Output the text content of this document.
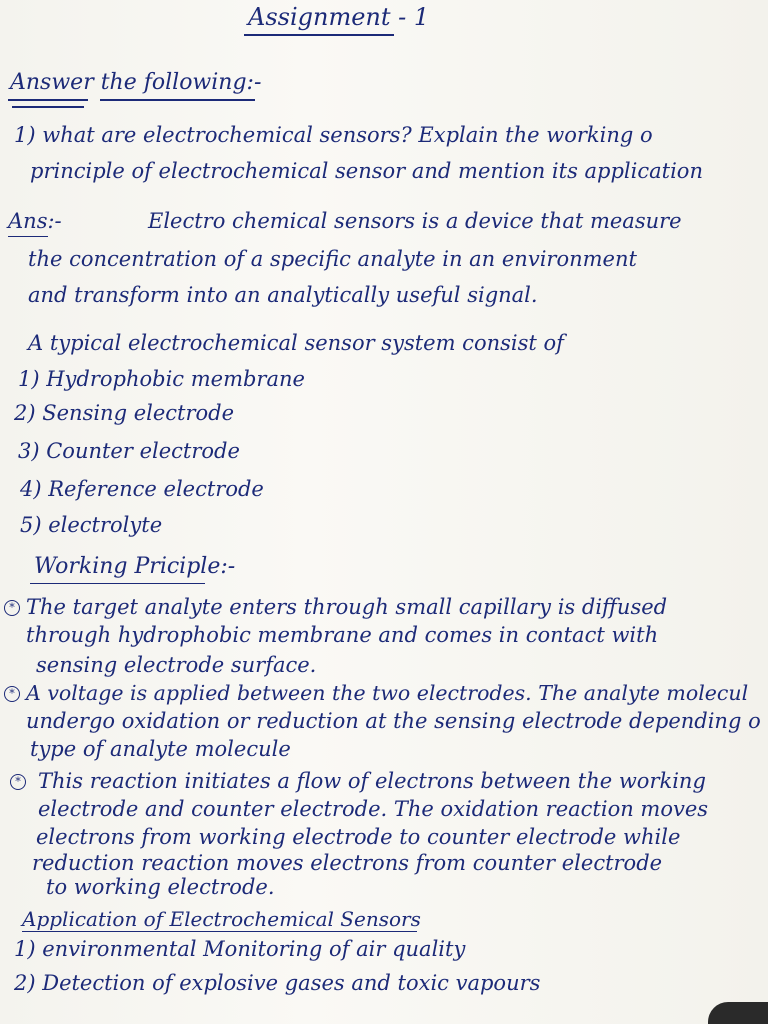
Assignment - 1
Answer the following:-
1) what are electrochemical sensors? Explain the working o
principle of electrochemical sensor and mention its application
Ans:-	Electro chemical sensors is a device that measure
the concentration of a specific analyte in an environment
and transform into an analytically useful signal.
A typical electrochemical sensor system consist of
1) Hydrophobic membrane
2) Sensing electrode
3) Counter electrode
4) Reference electrode
5) electrolyte
Working Priciple:-
* The target analyte enters through small capillary is diffused
through hydrophobic membrane and comes in contact with
sensing electrode surface.
* A voltage is applied between the two electrodes. The analyte molecul
undergo oxidation or reduction at the sensing electrode depending o
type of analyte molecule
* This reaction initiates a flow of electrons between the working
electrode and counter electrode. The oxidation reaction moves
electrons from working electrode to counter electrode while
reduction reaction moves electrons from counter electrode
to working electrode.
Application of Electrochemical Sensors
1) environmental Monitoring of air quality
2) Detection of explosive gases and toxic vapours
